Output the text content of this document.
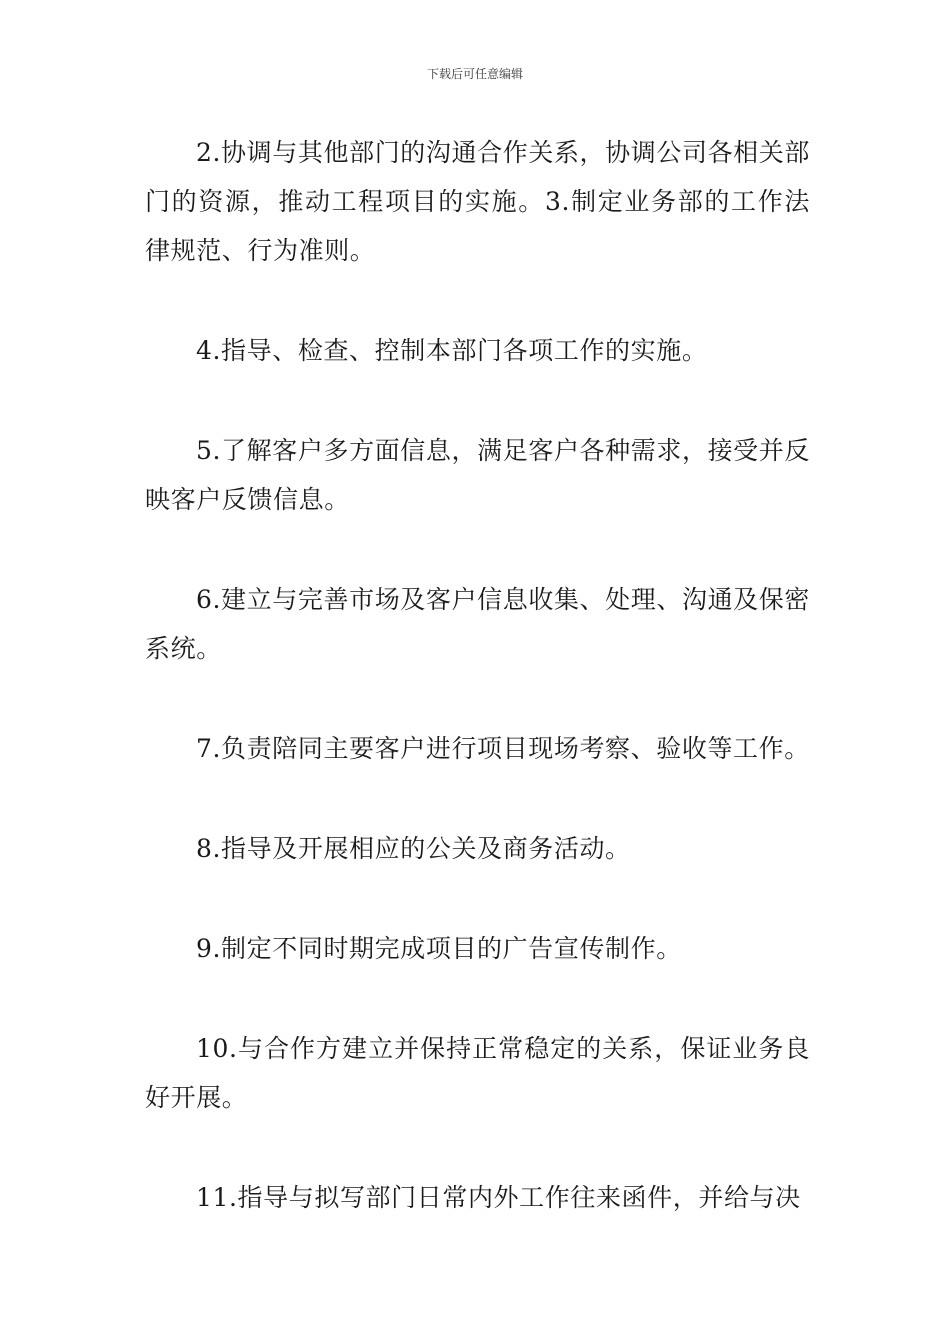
下载后可任意编辑

2.协调与其他部门的沟通合作关系，协调公司各相关部门的资源，推动工程项目的实施。3.制定业务部的工作法律规范、行为准则。

4.指导、检查、控制本部门各项工作的实施。

5.了解客户多方面信息，满足客户各种需求，接受并反映客户反馈信息。

6.建立与完善市场及客户信息收集、处理、沟通及保密系统。

7.负责陪同主要客户进行项目现场考察、验收等工作。

8.指导及开展相应的公关及商务活动。

9.制定不同时期完成项目的广告宣传制作。

10.与合作方建立并保持正常稳定的关系，保证业务良好开展。

11.指导与拟写部门日常内外工作往来函件，并给与决
